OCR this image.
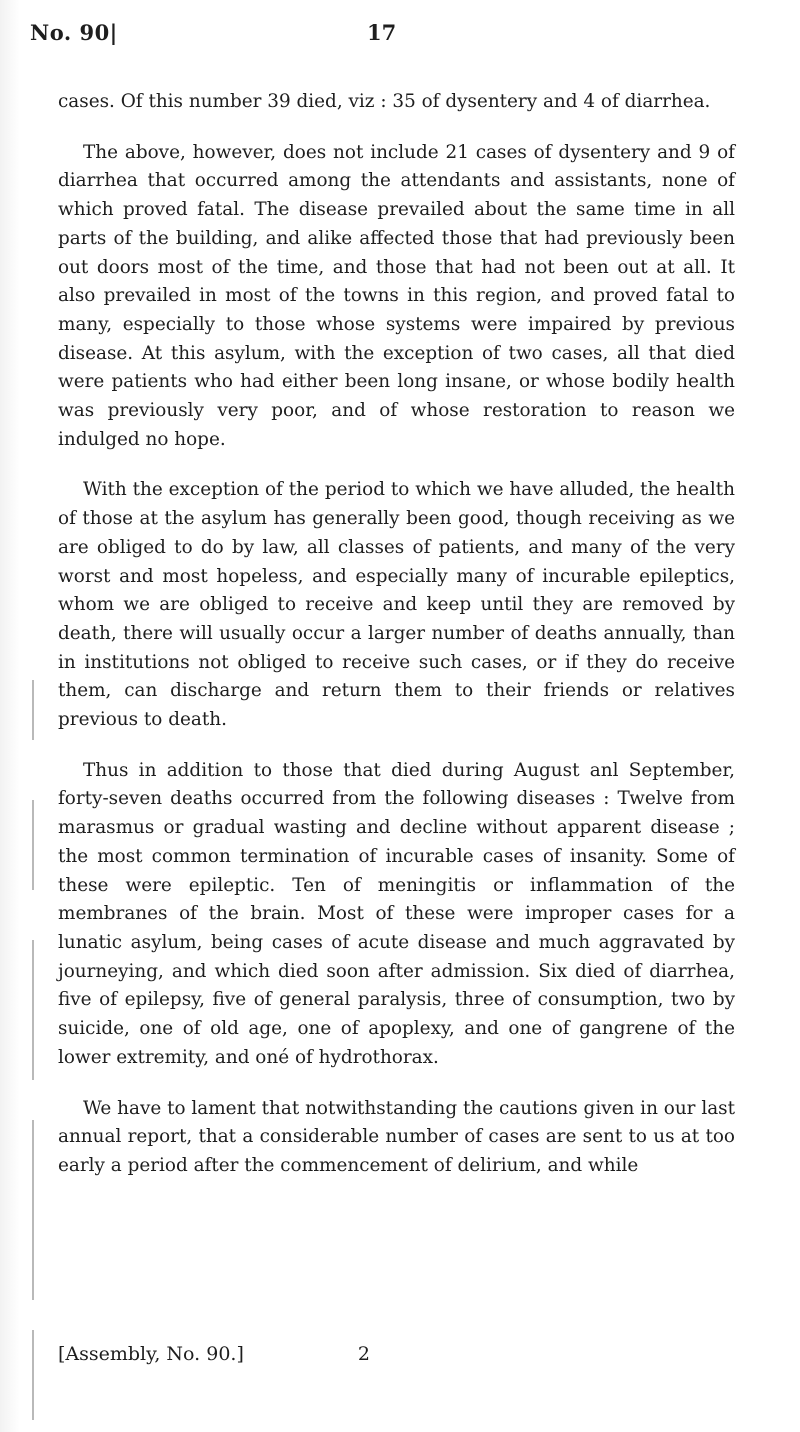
No. 90|	17

cases. Of this number 39 died, viz : 35 of dysentery and 4 of diarrhea.

The above, however, does not include 21 cases of dysentery and 9 of diarrhea that occurred among the attendants and assistants, none of which proved fatal. The disease prevailed about the same time in all parts of the building, and alike affected those that had previously been out doors most of the time, and those that had not been out at all. It also prevailed in most of the towns in this region, and proved fatal to many, especially to those whose systems were impaired by previous disease. At this asylum, with the exception of two cases, all that died were patients who had either been long insane, or whose bodily health was previously very poor, and of whose restoration to reason we indulged no hope.

With the exception of the period to which we have alluded, the health of those at the asylum has generally been good, though receiving as we are obliged to do by law, all classes of patients, and many of the very worst and most hopeless, and especially many of incurable epileptics, whom we are obliged to receive and keep until they are removed by death, there will usually occur a larger number of deaths annually, than in institutions not obliged to receive such cases, or if they do receive them, can discharge and return them to their friends or relatives previous to death.

Thus in addition to those that died during August anl September, forty-seven deaths occurred from the following diseases : Twelve from marasmus or gradual wasting and decline without apparent disease ; the most common termination of incurable cases of insanity. Some of these were epileptic. Ten of meningitis or inflammation of the membranes of the brain. Most of these were improper cases for a lunatic asylum, being cases of acute disease and much aggravated by journeying, and which died soon after admission. Six died of diarrhea, five of epilepsy, five of general paralysis, three of consumption, two by suicide, one of old age, one of apoplexy, and one of gangrene of the lower extremity, and oné of hydrothorax.

We have to lament that notwithstanding the cautions given in our last annual report, that a considerable number of cases are sent to us at too early a period after the commencement of delirium, and while

[Assembly, No. 90.]	2
